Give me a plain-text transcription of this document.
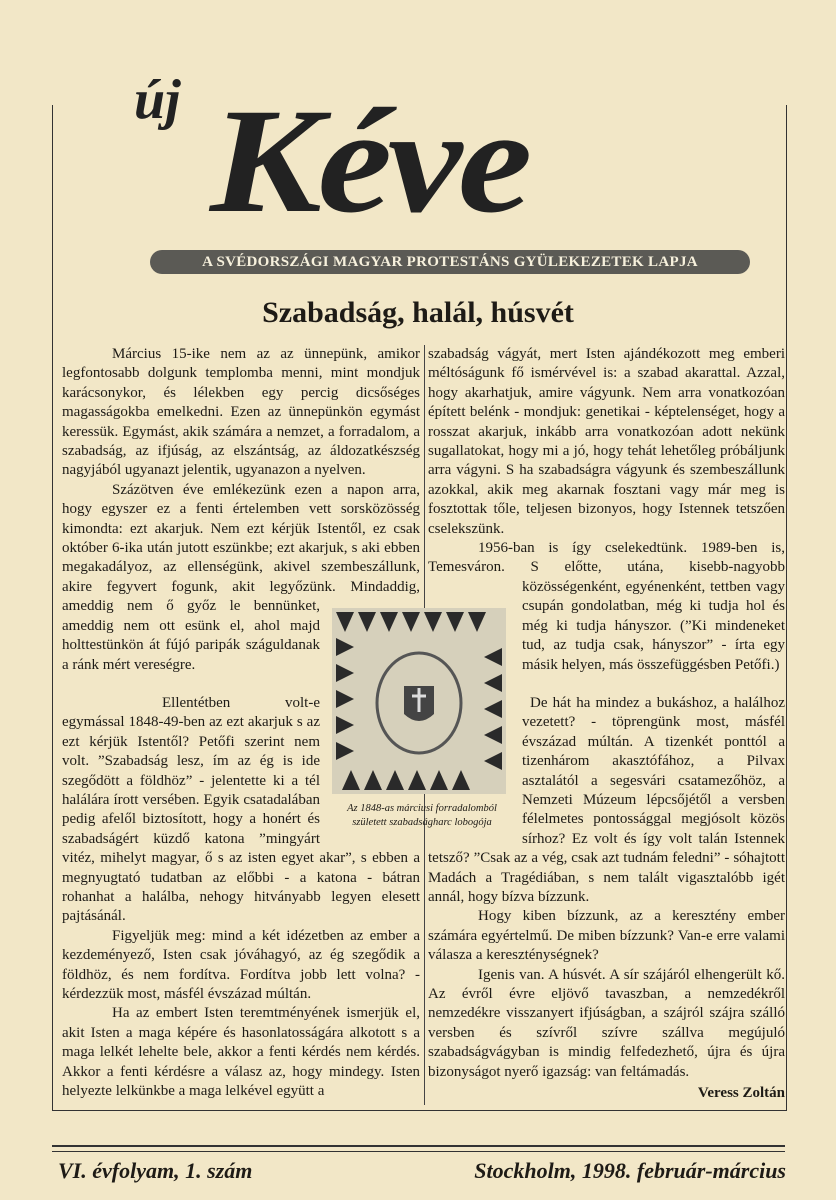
új Kéve
A SVÉDORSZÁGI MAGYAR PROTESTÁNS GYÜLEKEZETEK LAPJA
Szabadság, halál, húsvét

Március 15-ike nem az az ünnepünk, amikor legfontosabb dolgunk templomba menni, mint mondjuk karácsonykor, és lélekben egy percig dicsőséges magasságokba emelkedni. Ezen az ünnepünkön egymást keressük. Egymást, akik számára a nemzet, a forradalom, a szabadság, az ifjúság, az elszántság, az áldozatkészség nagyjából ugyanazt jelentik, ugyanazon a nyelven.

Százötven éve emlékezünk ezen a napon arra, hogy egyszer ez a fenti értelemben vett sorsközösség kimondta: ezt akarjuk. Nem ezt kérjük Istentől, ez csak október 6-ika után jutott eszünkbe; ezt akarjuk, s aki ebben megakadályoz, az ellenségünk, akivel szembeszállunk, akire fegyvert fogunk, akit legyőzünk. Mindaddig, ameddig nem ő győz le bennünket, ameddig nem ott esünk el, ahol majd holttestünkön át fújó paripák száguldanak a ránk mért vereségre.

Ellentétben volt-e egymással 1848-49-ben az ezt akarjuk s az ezt kérjük Istentől? Petőfi szerint nem volt. ”Szabadság lesz, ím az ég is ide szegődött a földhöz” - jelentette ki a tél halálára írott versében. Egyik csatadalában pedig afelől biztosított, hogy a honért és szabadságért küzdő katona ”mingyárt vitéz, mihelyt magyar, ő s az isten egyet akar”, s ebben a megnyugtató tudatban az előbbi - a katona - bátran rohanhat a halálba, nehogy hitványabb legyen elesett pajtásánál.

Figyeljük meg: mind a két idézetben az ember a kezdeményező, Isten csak jóváhagyó, az ég szegődik a földhöz, és nem fordítva. Fordítva jobb lett volna? - kérdezzük most, másfél évszázad múltán.

Ha az embert Isten teremtményének ismerjük el, akit Isten a maga képére és hasonlatosságára alkotott s a maga lelkét lehelte bele, akkor a fenti kérdés nem kérdés. Akkor a fenti kérdésre a válasz az, hogy mindegy. Isten helyezte lelkünkbe a maga lelkével együtt a

szabadság vágyát, mert Isten ajándékozott meg emberi méltóságunk fő ismérvével is: a szabad akarattal. Azzal, hogy akarhatjuk, amire vágyunk. Nem arra vonatkozóan épített belénk - mondjuk: genetikai - képtelenséget, hogy a rosszat akarjuk, inkább arra vonatkozóan adott nekünk sugallatokat, hogy mi a jó, hogy tehát lehetőleg próbáljunk arra vágyni. S ha szabadságra vágyunk és szembeszállunk azokkal, akik meg akarnak fosztani vagy már meg is fosztottak tőle, teljesen bizonyos, hogy Istennek tetszően cselekszünk.

1956-ban is így cselekedtünk. 1989-ben is, Temesváron. S előtte, utána, kisebb-nagyobb közösségenként, egyénenként, tettben vagy csupán gondolatban, még ki tudja hol és még ki tudja hányszor. (”Ki mindeneket tud, az tudja csak, hányszor” - írta egy másik helyen, más összefüggésben Petőfi.)

De hát ha mindez a bukáshoz, a halálhoz vezetett? - töprengünk most, másfél évszázad múltán. A tizenkét ponttól a tizenhárom akasztófához, a Pilvax asztalától a segesvári csatamezőhöz, a Nemzeti Múzeum lépcsőjétől a versben félelmetes pontossággal megjósolt közös sírhoz? Ez volt és így volt talán Istennek tetsző? ”Csak az a vég, csak azt tudnám feledni” - sóhajtott Madách a Tragédiában, s nem talált vigasztalóbb igét annál, hogy bízva bízzunk.

Hogy kiben bízzunk, az a keresztény ember számára egyértelmű. De miben bízzunk? Van-e erre valami válasza a kereszténységnek?

Igenis van. A húsvét. A sír szájáról elhengerült kő. Az évről évre eljövő tavaszban, a nemzedékről nemzedékre visszanyert ifjúságban, a szájról szájra szálló versben és szívről szívre szállva megújuló szabadságvágyban is mindig felfedezhető, újra és újra bizonyságot nyerő igazság: van feltámadás.

Veress Zoltán
Az 1848-as márciusi forradalomból született szabadságharc lobogója
VI. évfolyam, 1. szám	Stockholm, 1998. február-március
